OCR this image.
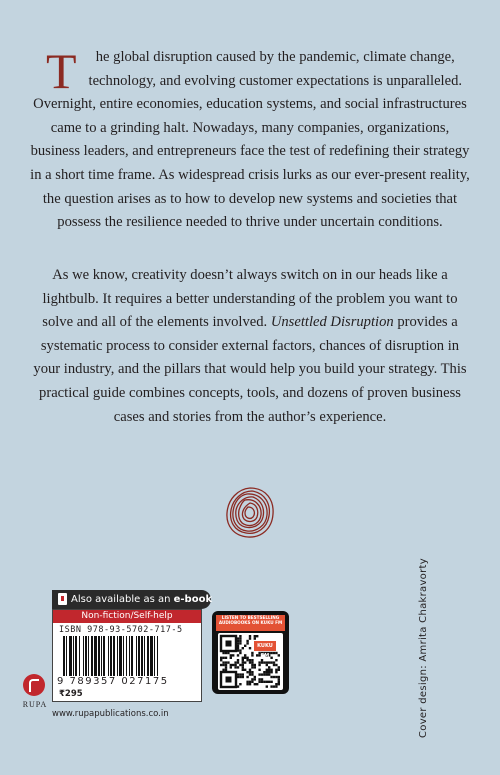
T he global disruption caused by the pandemic, climate change, technology, and evolving customer expectations is unparalleled. Overnight, entire economies, education systems, and social infrastructures came to a grinding halt. Nowadays, many companies, organizations, business leaders, and entrepreneurs face the test of redefining their strategy in a short time frame. As widespread crisis lurks as our ever-present reality, the question arises as to how to develop new systems and societies that possess the resilience needed to thrive under uncertain conditions.
As we know, creativity doesn’t always switch on in our heads like a lightbulb. It requires a better understanding of the problem you want to solve and all of the elements involved. Unsettled Disruption provides a systematic process to consider external factors, chances of disruption in your industry, and the pillars that would help you build your strategy. This practical guide combines concepts, tools, and dozens of proven business cases and stories from the author’s experience.
Also available as an e-book
Non-fiction/Self-help
ISBN 978-93-5702-717-5
9 789357 027175
₹295
RUPA
www.rupapublications.co.in
LISTEN TO BESTSELLING AUDIOBOOKS ON KUKU FM
KUKU FM	Cover design: Amrita Chakravorty
